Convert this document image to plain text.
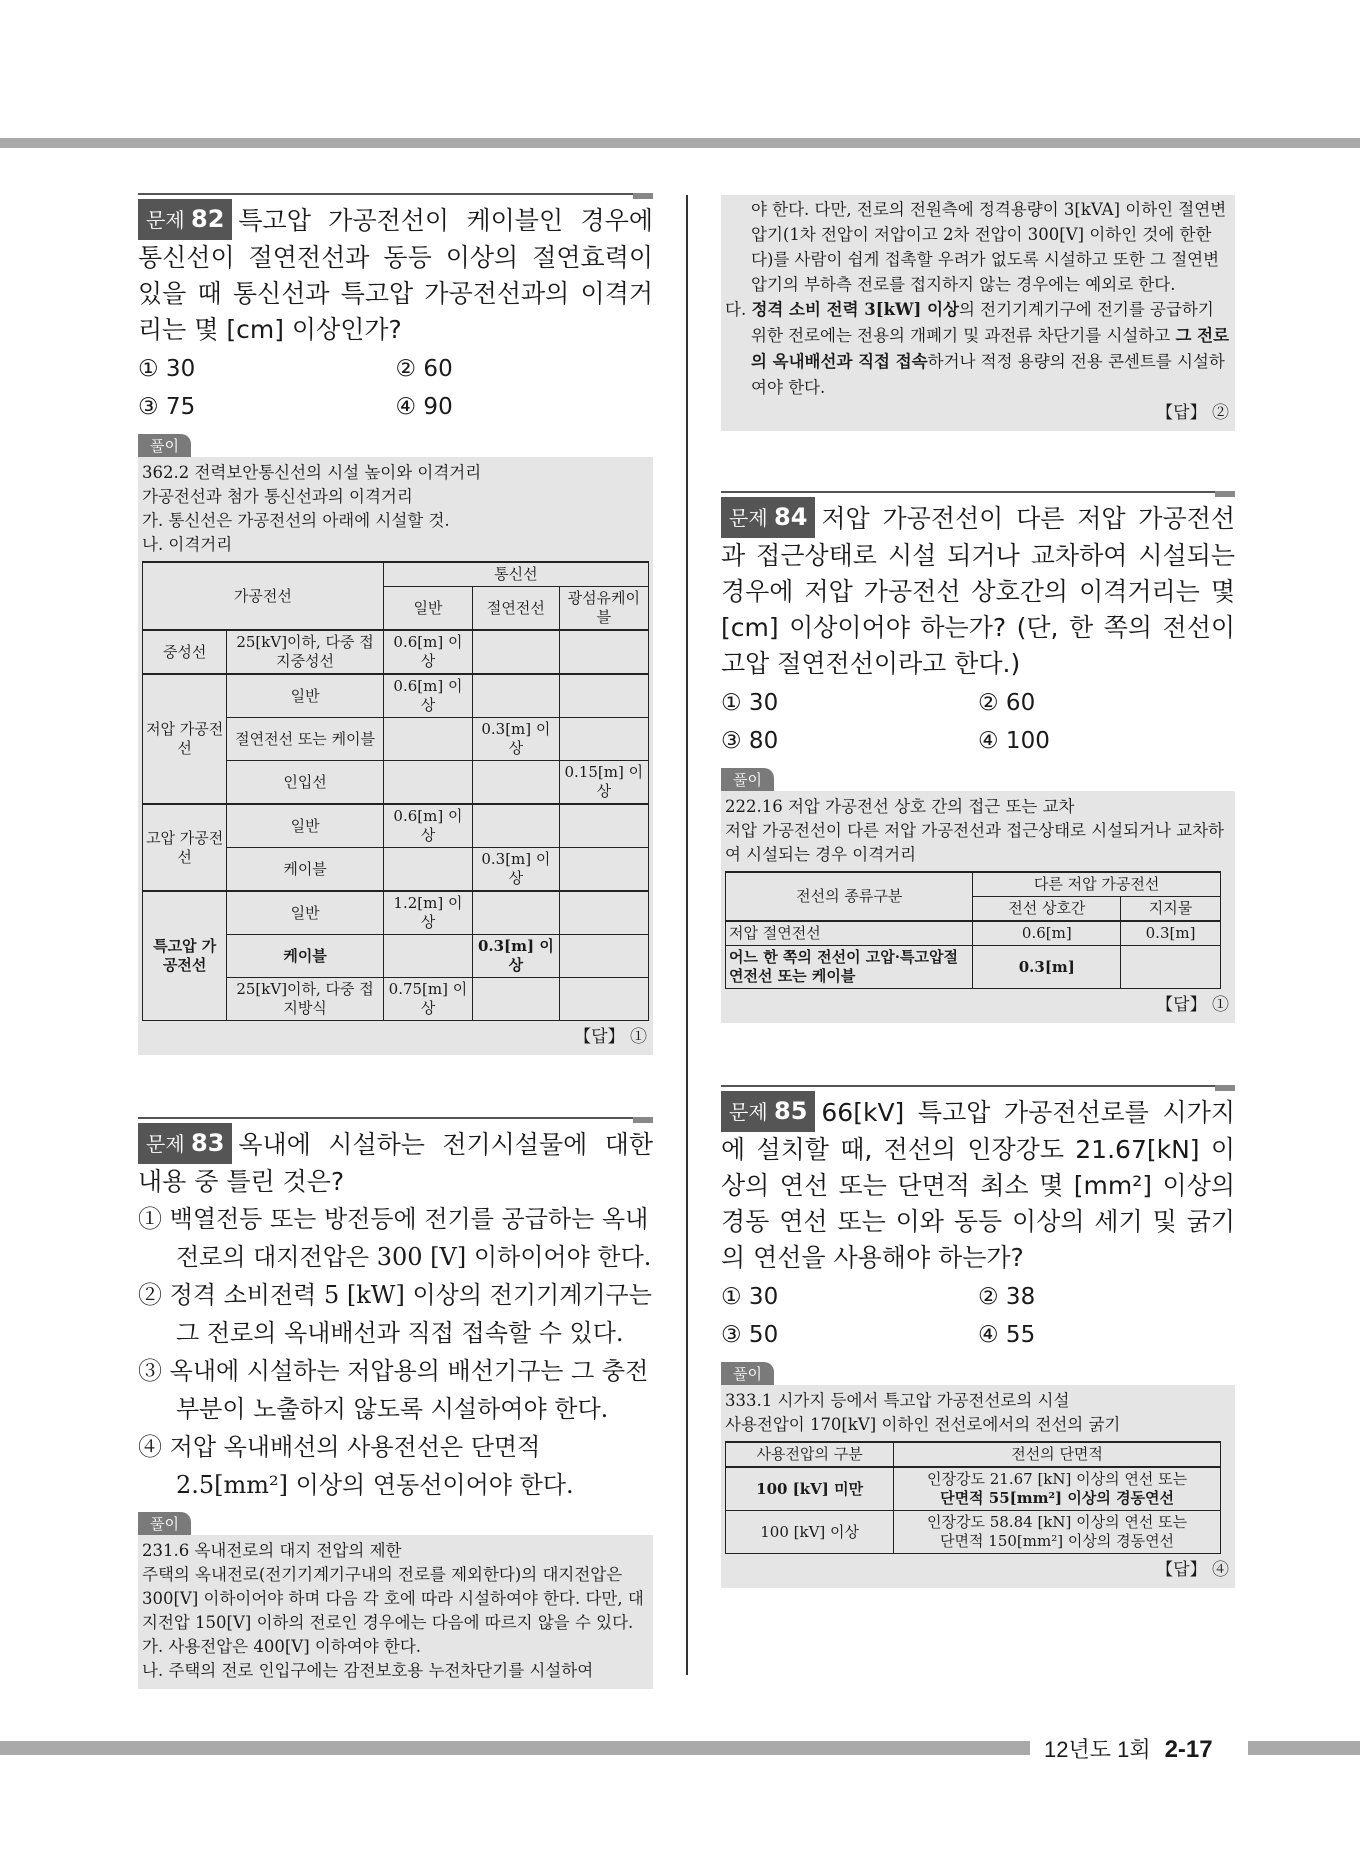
문제 82 특고압 가공전선이 케이블인 경우에 통신선이 절연전선과 동등 이상의 절연효력이 있을 때 통신선과 특고압 가공전선과의 이격거리는 몇 [cm] 이상인가?
① 30	② 60
③ 75	④ 90
풀이

362.2 전력보안통신선의 시설 높이와 이격거리

가공전선과 첨가 통신선과의 이격거리

가. 통신선은 가공전선의 아래에 시설할 것.

나. 이격거리

가공전선		통신선		
		일반	절연전선	광섬유케이블
중성선	25[kV]이하, 다중 접지중성선	0.6[m] 이상		
저압 가공전선	일반	0.6[m] 이상		
	절연전선 또는 케이블		0.3[m] 이상	
	인입선			0.15[m] 이상
고압 가공전선	일반	0.6[m] 이상		
	케이블		0.3[m] 이상	
특고압 가공전선	일반	1.2[m] 이상		
	케이블		0.3[m] 이상	
	25[kV]이하, 다중 접지방식	0.75[m] 이상		
【답】 ①
문제 83 옥내에 시설하는 전기시설물에 대한 내용 중 틀린 것은?
① 백열전등 또는 방전등에 전기를 공급하는 옥내 전로의 대지전압은 300 [V] 이하이어야 한다.
② 정격 소비전력 5 [kW] 이상의 전기기계기구는 그 전로의 옥내배선과 직접 접속할 수 있다.
③ 옥내에 시설하는 저압용의 배선기구는 그 충전 부분이 노출하지 않도록 시설하여야 한다.
④ 저압 옥내배선의 사용전선은 단면적 2.5[mm²] 이상의 연동선이어야 한다.
풀이

231.6 옥내전로의 대지 전압의 제한

주택의 옥내전로(전기기계기구내의 전로를 제외한다)의 대지전압은 300[V] 이하이어야 하며 다음 각 호에 따라 시설하여야 한다. 다만, 대지전압 150[V] 이하의 전로인 경우에는 다음에 따르지 않을 수 있다.

가. 사용전압은 400[V] 이하여야 한다.

나. 주택의 전로 인입구에는 감전보호용 누전차단기를 시설하여

야 한다. 다만, 전로의 전원측에 정격용량이 3[kVA] 이하인 절연변압기(1차 전압이 저압이고 2차 전압이 300[V] 이하인 것에 한한다)를 사람이 쉽게 접촉할 우려가 없도록 시설하고 또한 그 절연변압기의 부하측 전로를 접지하지 않는 경우에는 예외로 한다.

다. 정격 소비 전력 3[kW] 이상의 전기기계기구에 전기를 공급하기 위한 전로에는 전용의 개폐기 및 과전류 차단기를 시설하고 그 전로의 옥내배선과 직접 접속하거나 적정 용량의 전용 콘센트를 시설하여야 한다.

【답】 ②
문제 84 저압 가공전선이 다른 저압 가공전선과 접근상태로 시설 되거나 교차하여 시설되는 경우에 저압 가공전선 상호간의 이격거리는 몇 [cm] 이상이어야 하는가? (단, 한 쪽의 전선이 고압 절연전선이라고 한다.)
① 30	② 60
③ 80	④ 100
풀이

222.16 저압 가공전선 상호 간의 접근 또는 교차

저압 가공전선이 다른 저압 가공전선과 접근상태로 시설되거나 교차하여 시설되는 경우 이격거리

전선의 종류구분	다른 저압 가공전선	
	전선 상호간	지지물
저압 절연전선	0.6[m]	0.3[m]
어느 한 쪽의 전선이 고압·특고압절연전선 또는 케이블	0.3[m]	
【답】 ①
문제 85 66[kV] 특고압 가공전선로를 시가지에 설치할 때, 전선의 인장강도 21.67[kN] 이상의 연선 또는 단면적 최소 몇 [mm²] 이상의 경동 연선 또는 이와 동등 이상의 세기 및 굵기의 연선을 사용해야 하는가?
① 30	② 38
③ 50	④ 55
풀이

333.1 시가지 등에서 특고압 가공전선로의 시설

사용전압이 170[kV] 이하인 전선로에서의 전선의 굵기

사용전압의 구분	전선의 단면적
100 [kV] 미만	인장강도 21.67 [kN] 이상의 연선 또는
단면적 55[mm²] 이상의 경동연선

100 [kV] 이상	인장강도 58.84 [kN] 이상의 연선 또는
단면적 150[mm²] 이상의 경동연선
【답】 ④
12년도 1회 2-17
